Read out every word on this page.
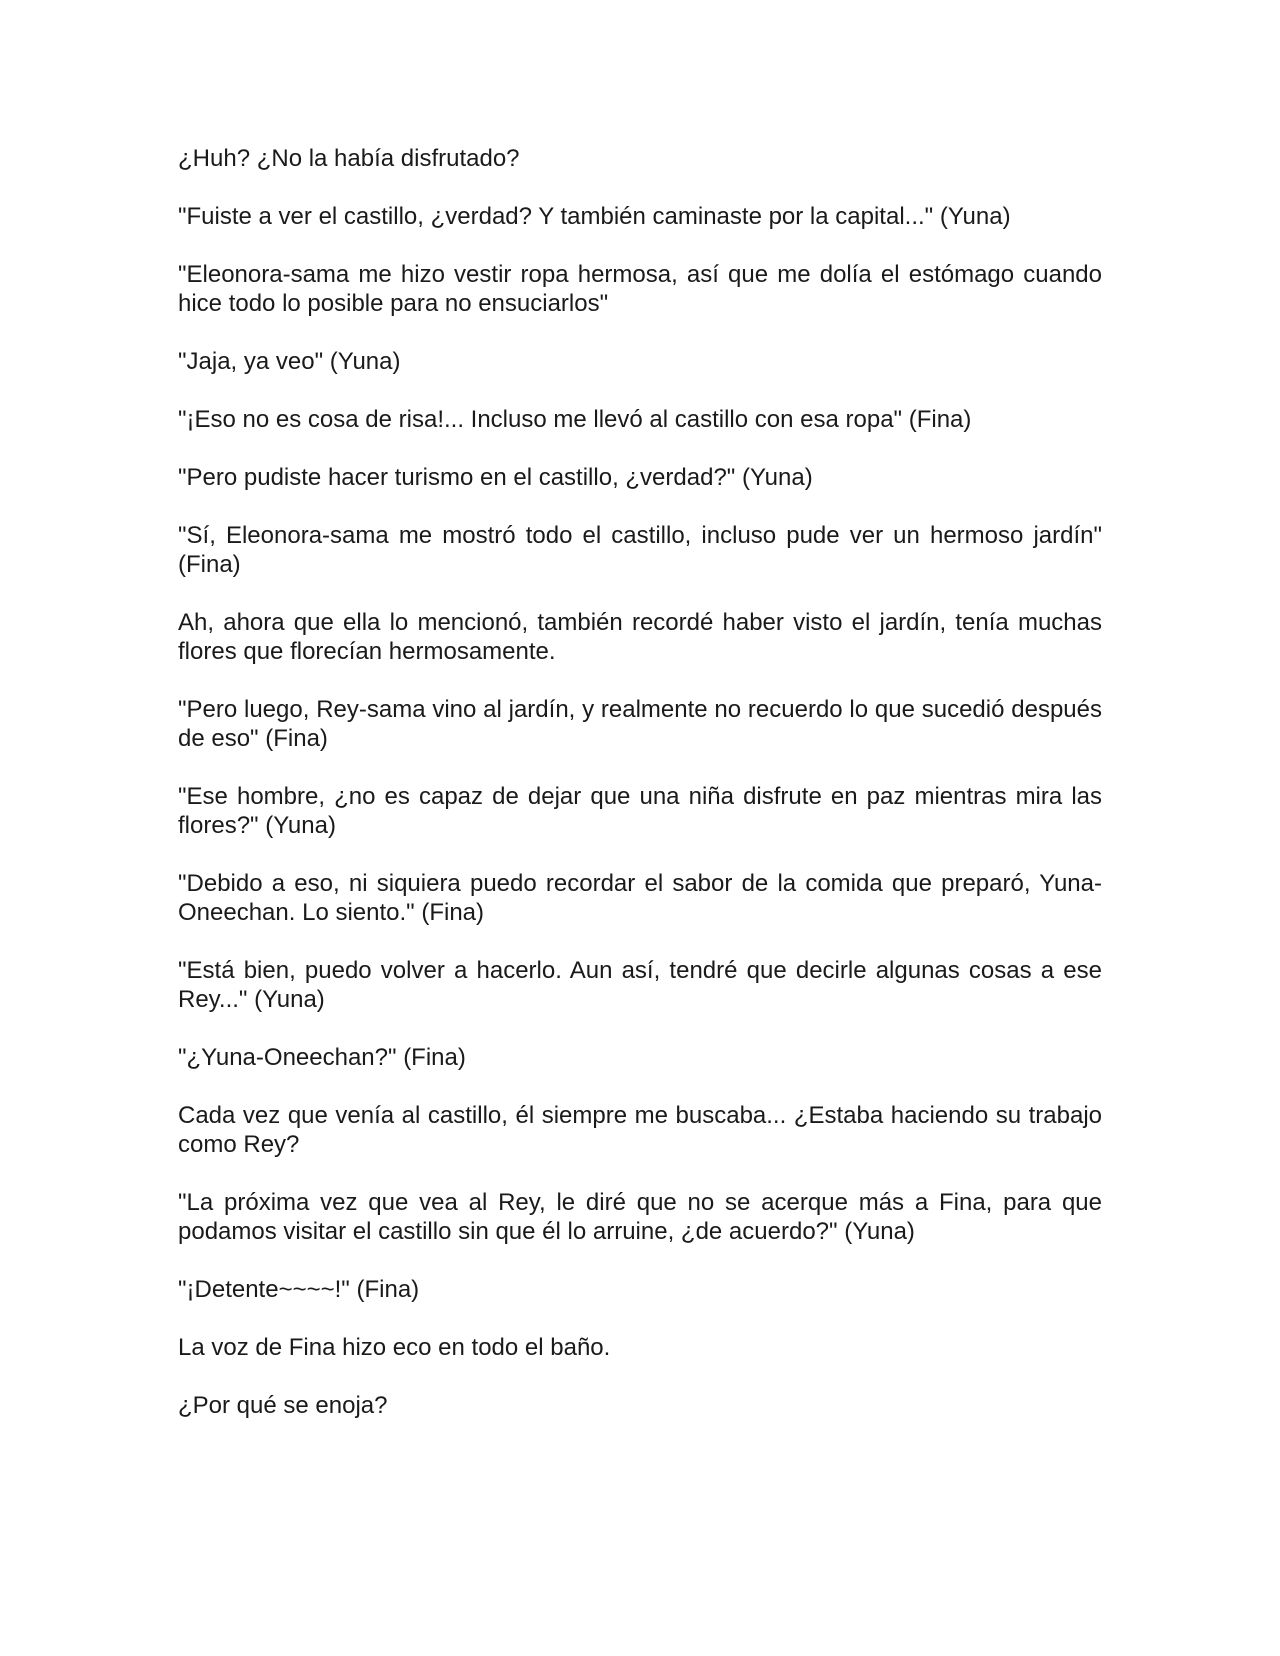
¿Huh? ¿No la había disfrutado?

"Fuiste a ver el castillo, ¿verdad? Y también caminaste por la capital..." (Yuna)

"Eleonora-sama me hizo vestir ropa hermosa, así que me dolía el estómago cuando hice todo lo posible para no ensuciarlos"

"Jaja, ya veo" (Yuna)

"¡Eso no es cosa de risa!... Incluso me llevó al castillo con esa ropa" (Fina)

"Pero pudiste hacer turismo en el castillo, ¿verdad?" (Yuna)

"Sí, Eleonora-sama me mostró todo el castillo, incluso pude ver un hermoso jardín" (Fina)

Ah, ahora que ella lo mencionó, también recordé haber visto el jardín, tenía muchas flores que florecían hermosamente.

"Pero luego, Rey-sama vino al jardín, y realmente no recuerdo lo que sucedió después de eso" (Fina)

"Ese hombre, ¿no es capaz de dejar que una niña disfrute en paz mientras mira las flores?" (Yuna)

"Debido a eso, ni siquiera puedo recordar el sabor de la comida que preparó, Yuna-Oneechan. Lo siento." (Fina)

"Está bien, puedo volver a hacerlo. Aun así, tendré que decirle algunas cosas a ese Rey..." (Yuna)

"¿Yuna-Oneechan?" (Fina)

Cada vez que venía al castillo, él siempre me buscaba... ¿Estaba haciendo su trabajo como Rey?

"La próxima vez que vea al Rey, le diré que no se acerque más a Fina, para que podamos visitar el castillo sin que él lo arruine, ¿de acuerdo?" (Yuna)

"¡Detente~~~~!" (Fina)

La voz de Fina hizo eco en todo el baño.

¿Por qué se enoja?
